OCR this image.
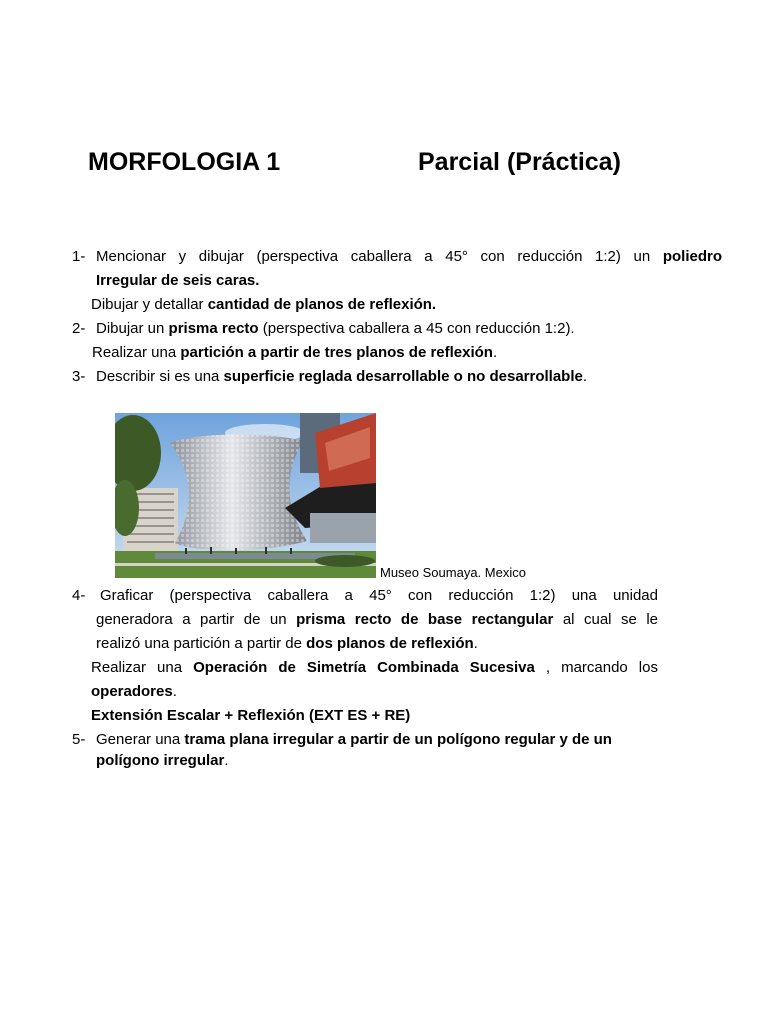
MORFOLOGIA 1	Parcial (Práctica)
1- Mencionar y dibujar (perspectiva caballera a 45° con reducción 1:2) un poliedro
Irregular de seis caras.
Dibujar y detallar cantidad de planos de reflexión.
2- Dibujar un prisma recto (perspectiva caballera a 45 con reducción 1:2).
Realizar una partición a partir de tres planos de reflexión.
3- Describir si es una superficie reglada desarrollable o no desarrollable.
Museo Soumaya. Mexico
4- Graficar (perspectiva caballera a 45° con reducción 1:2) una unidad
generadora a partir de un prisma recto de base rectangular al cual se le
realizó una partición a partir de dos planos de reflexión.
Realizar una Operación de Simetría Combinada Sucesiva , marcando los
operadores.
Extensión Escalar + Reflexión (EXT ES + RE)
5- Generar una trama plana irregular a partir de un polígono regular y de un
polígono irregular.
